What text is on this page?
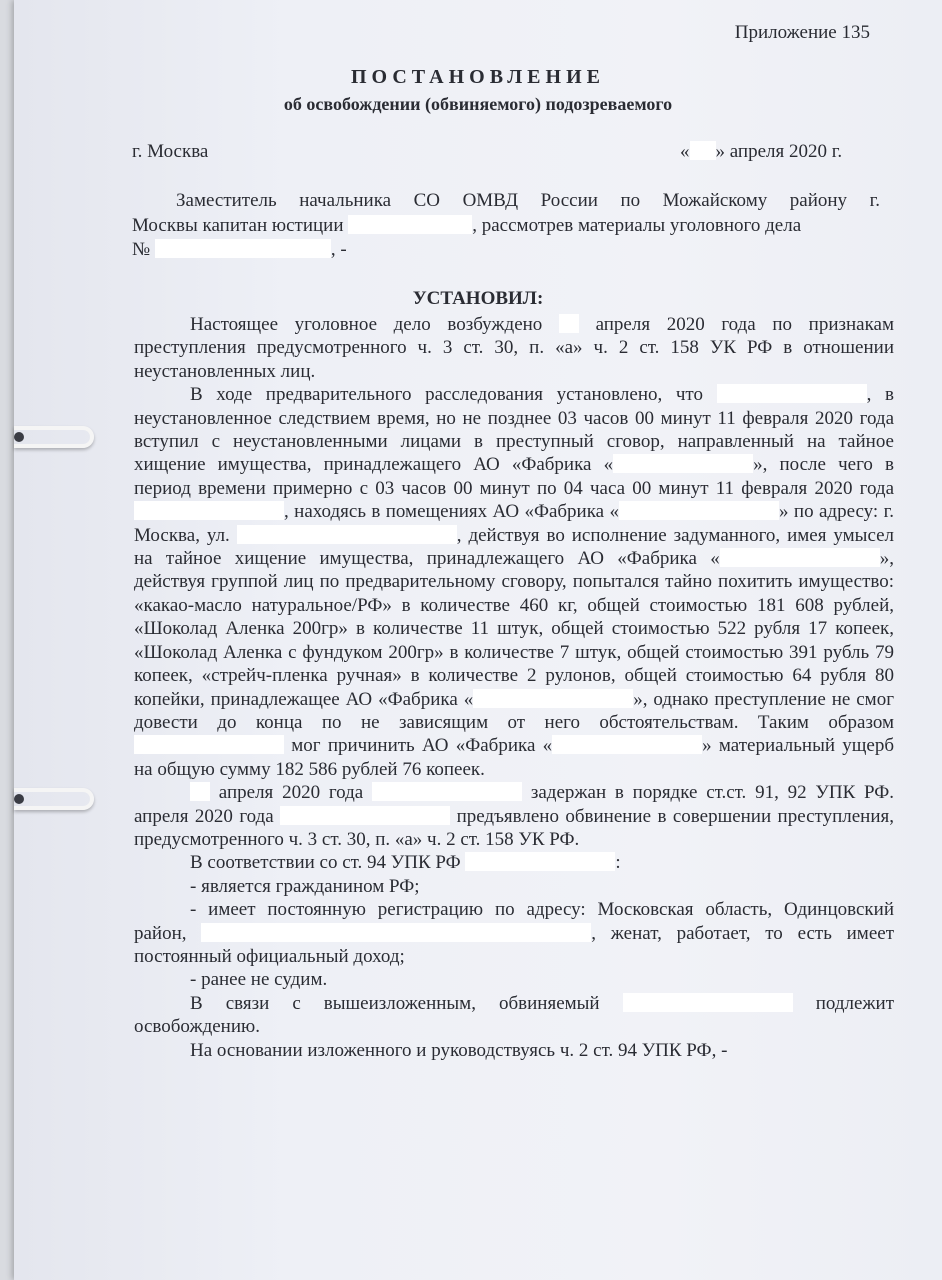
Приложение 135
ПОСТАНОВЛЕНИЕ
об освобождении (обвиняемого) подозреваемого
г. Москва	« » апреля 2020 г.
Заместитель начальника СО ОМВД России по Можайскому району г.
Москвы капитан юстиции	, рассмотрев материалы уголовного дела
№	, -
УСТАНОВИЛ:

Настоящее уголовное дело возбуждено	апреля 2020 года по признакам преступления предусмотренного ч. 3 ст. 30, п. «а» ч. 2 ст. 158 УК РФ в отношении неустановленных лиц.

В ходе предварительного расследования установлено, что	, в неустановленное следствием время, но не позднее 03 часов 00 минут 11 февраля 2020 года вступил с неустановленными лицами в преступный сговор, направленный на тайное хищение имущества, принадлежащего АО «Фабрика «	», после чего в период времени примерно с 03 часов 00 минут по 04 часа 00 минут 11 февраля 2020 года , находясь в помещениях АО «Фабрика «	» по адресу: г. Москва, ул.	, действуя во исполнение задуманного, имея умысел на тайное хищение имущества, принадлежащего АО «Фабрика «	», действуя группой лиц по предварительному сговору, попытался тайно похитить имущество: «какао-масло натуральное/РФ» в количестве 460 кг, общей стоимостью 181 608 рублей, «Шоколад Аленка 200гр» в количестве 11 штук, общей стоимостью 522 рубля 17 копеек, «Шоколад Аленка с фундуком 200гр» в количестве 7 штук, общей стоимостью 391 рубль 79 копеек, «стрейч-пленка ручная» в количестве 2 рулонов, общей стоимостью 64 рубля 80 копейки, принадлежащее АО «Фабрика «	», однако преступление не смог довести до конца по не зависящим от него обстоятельствам. Таким образом  мог причинить АО «Фабрика «	» материальный ущерб на общую сумму 182 586 рублей 76 копеек.

апреля 2020 года	задержан в порядке ст.ст. 91, 92 УПК РФ. апреля 2020 года	предъявлено обвинение в совершении преступления, предусмотренного ч. 3 ст. 30, п. «а» ч. 2 ст. 158 УК РФ.

В соответствии со ст. 94 УПК РФ	:

- является гражданином РФ;

- имеет постоянную регистрацию по адресу: Московская область, Одинцовский район,	, женат, работает, то есть имеет постоянный официальный доход;

- ранее не судим.

В связи с вышеизложенным, обвиняемый	подлежит освобождению.

На основании изложенного и руководствуясь ч. 2 ст. 94 УПК РФ, -
